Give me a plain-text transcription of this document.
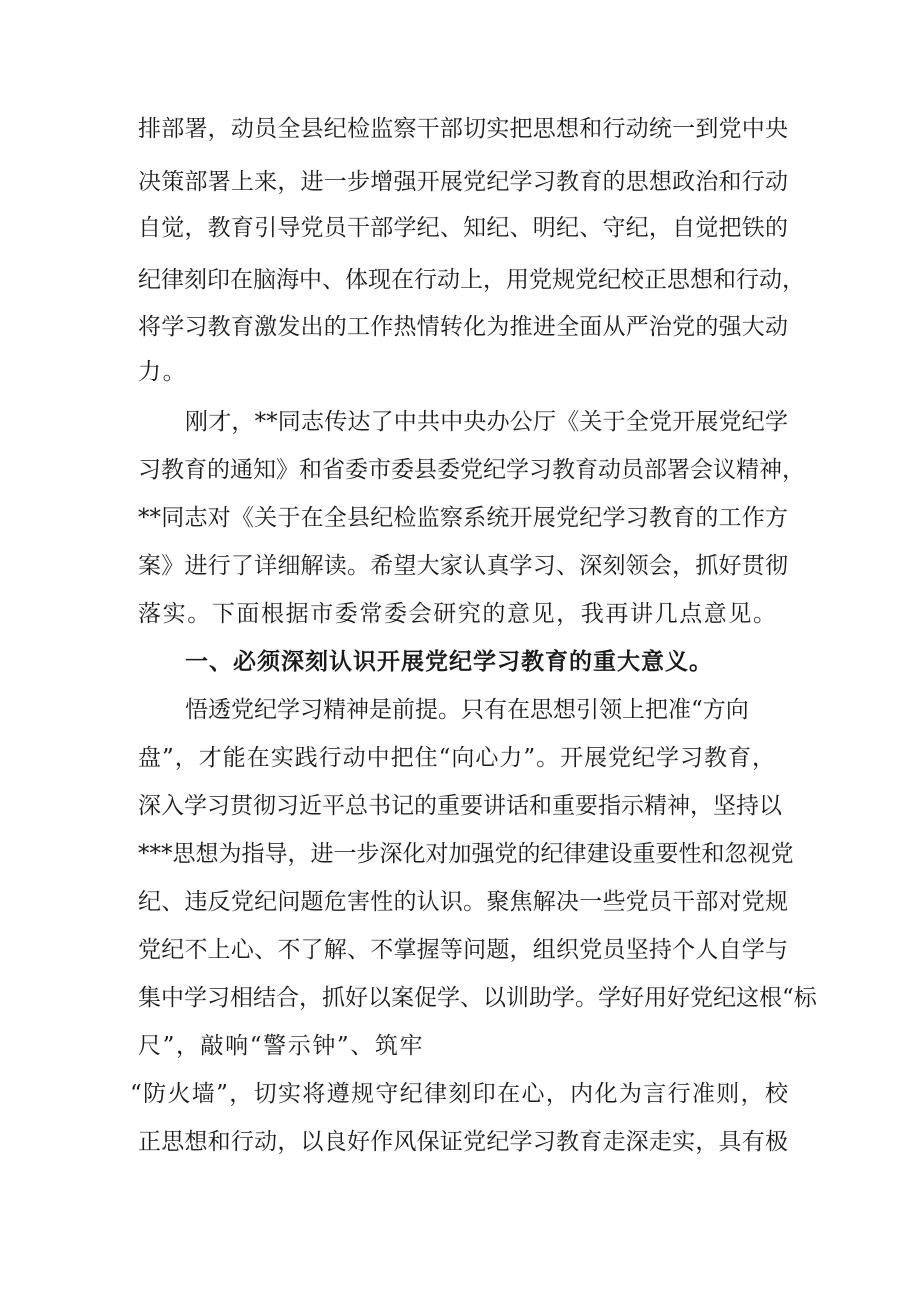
排部署，动员全县纪检监察干部切实把思想和行动统一到党中央
决策部署上来，进一步增强开展党纪学习教育的思想政治和行动
自觉，教育引导党员干部学纪、知纪、明纪、守纪，自觉把铁的
纪律刻印在脑海中、体现在行动上，用党规党纪校正思想和行动，
将学习教育激发出的工作热情转化为推进全面从严治党的强大动
力。
刚才，**同志传达了中共中央办公厅《关于全党开展党纪学
习教育的通知》和省委市委县委党纪学习教育动员部署会议精神，
**同志对《关于在全县纪检监察系统开展党纪学习教育的工作方
案》进行了详细解读。希望大家认真学习、深刻领会，抓好贯彻
落实。下面根据市委常委会研究的意见，我再讲几点意见。
一、必须深刻认识开展党纪学习教育的重大意义。
悟透党纪学习精神是前提。只有在思想引领上把准“方向
盘”，才能在实践行动中把住“向心力”。开展党纪学习教育，
深入学习贯彻习近平总书记的重要讲话和重要指示精神，坚持以
***思想为指导，进一步深化对加强党的纪律建设重要性和忽视党
纪、违反党纪问题危害性的认识。聚焦解决一些党员干部对党规
党纪不上心、不了解、不掌握等问题，组织党员坚持个人自学与
集中学习相结合，抓好以案促学、以训助学。学好用好党纪这根“标
尺”，敲响“警示钟”、筑牢
“防火墙”，切实将遵规守纪律刻印在心，内化为言行准则，校
正思想和行动，以良好作风保证党纪学习教育走深走实，具有极
